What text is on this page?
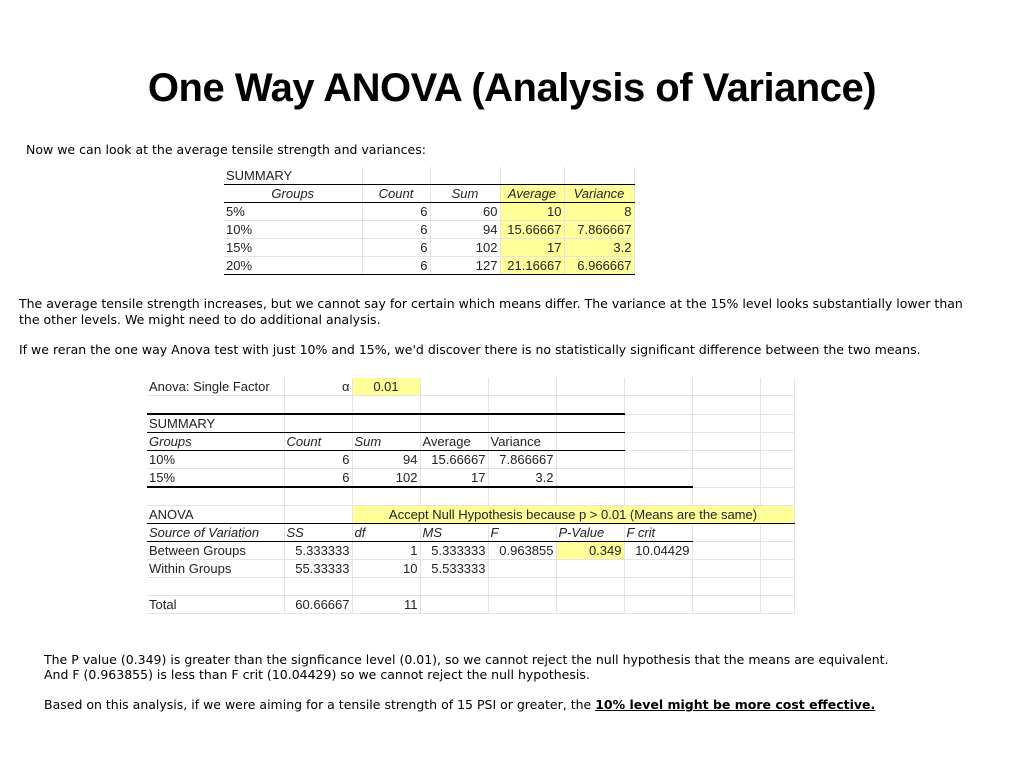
One Way ANOVA (Analysis of Variance)

Now we can look at the average tensile strength and variances:

SUMMARY				
Groups	Count	Sum	Average	Variance
5%	6	60	10	8
10%	6	94	15.66667	7.866667
15%	6	102	17	3.2
20%	6	127	21.16667	6.966667

The average tensile strength increases, but we cannot say for certain which means differ. The variance at the 15% level looks substantially lower than the other levels. We might need to do additional analysis.

If we reran the one way Anova test with just 10% and 15%, we'd discover there is no statistically significant difference between the two means.

Anova: Single Factor	α	0.01						

SUMMARY								
Groups	Count	Sum	Average	Variance				
10%	6	94	15.66667	7.866667				
15%	6	102	17	3.2				

ANOVA		Accept Null Hypothesis because p > 0.01 (Means are the same)						
Source of Variation	SS	df	MS	F	P-Value	F crit		
Between Groups	5.333333	1	5.333333	0.963855	0.349	10.04429		
Within Groups	55.33333	10	5.533333					

Total	60.66667	11						

The P value (0.349) is greater than the signficance level (0.01), so we cannot reject the null hypothesis that the means are equivalent.

And F (0.963855) is less than F crit (10.04429) so we cannot reject the null hypothesis.

Based on this analysis, if we were aiming for a tensile strength of 15 PSI or greater, the 10% level might be more cost effective.
